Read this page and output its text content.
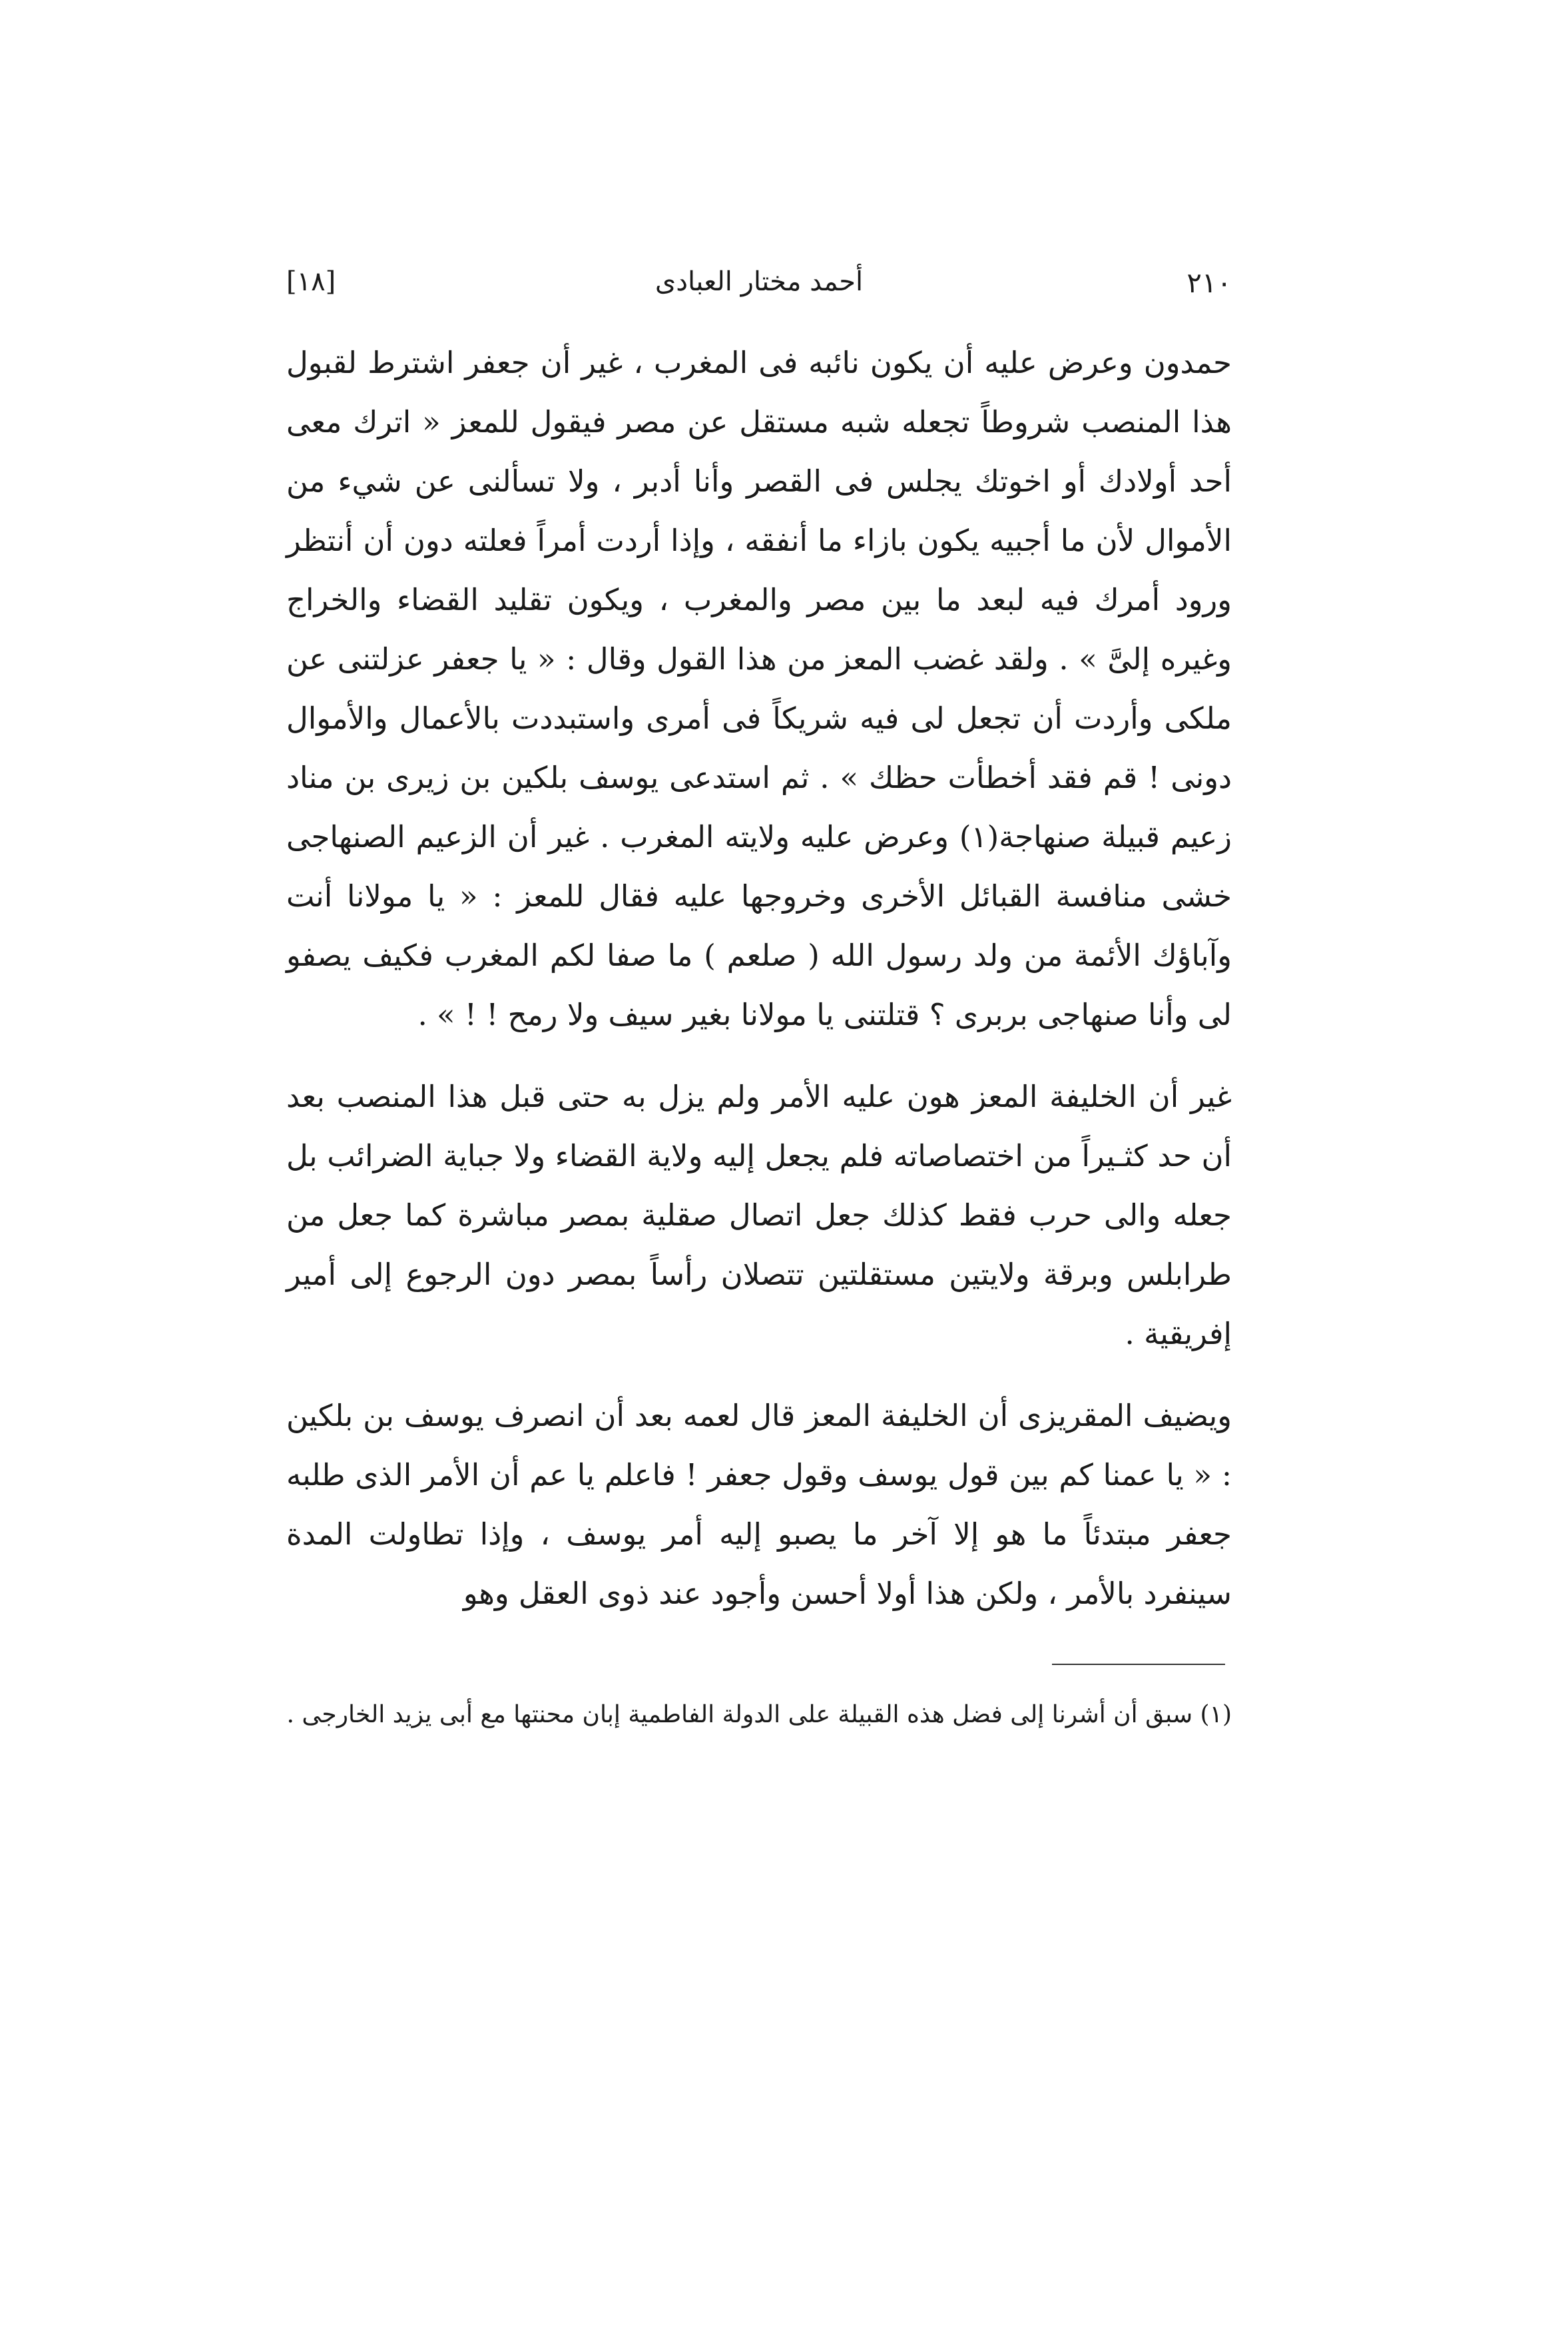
[١٨]	أحمد مختار العبادى	٢١٠

حمدون وعرض عليه أن يكون نائبه فى المغرب ، غير أن جعفر اشترط لقبول هذا المنصب شروطاً تجعله شبه مستقل عن مصر فيقول للمعز « اترك معى أحد أولادك أو اخوتك يجلس فى القصر وأنا أدبر ، ولا تسألنى عن شيء من الأموال لأن ما أجبيه يكون بازاء ما أنفقه ، وإذا أردت أمراً فعلته دون أن أنتظر ورود أمرك فيه لبعد ما بين مصر والمغرب ، ويكون تقليد القضاء والخراج وغيره إلىَّ » . ولقد غضب المعز من هذا القول وقال : « يا جعفر عزلتنى عن ملكى وأردت أن تجعل لى فيه شريكاً فى أمرى واستبددت بالأعمال والأموال دونى ! قم فقد أخطأت حظك » . ثم استدعى يوسف بلكين بن زيرى بن مناد زعيم قبيلة صنهاجة(١) وعرض عليه ولايته المغرب . غير أن الزعيم الصنهاجى خشى منافسة القبائل الأخرى وخروجها عليه فقال للمعز : « يا مولانا أنت وآباؤك الأئمة من ولد رسول الله ( صلعم ) ما صفا لكم المغرب فكيف يصفو لى وأنا صنهاجى بربرى ؟ قتلتنى يا مولانا بغير سيف ولا رمح ! ! » .

غير أن الخليفة المعز هون عليه الأمر ولم يزل به حتى قبل هذا المنصب بعد أن حد كثـيراً من اختصاصاته فلم يجعل إليه ولاية القضاء ولا جباية الضرائب بل جعله والى حرب فقط كذلك جعل اتصال صقلية بمصر مباشرة كما جعل من طرابلس وبرقة ولايتين مستقلتين تتصلان رأساً بمصر دون الرجوع إلى أمير إفريقية .

ويضيف المقريزى أن الخليفة المعز قال لعمه بعد أن انصرف يوسف بن بلكين : « يا عمنا كم بين قول يوسف وقول جعفر ! فاعلم يا عم أن الأمر الذى طلبه جعفر مبتدئاً ما هو إلا آخر ما يصبو إليه أمر يوسف ، وإذا تطاولت المدة سينفرد بالأمر ، ولكن هذا أولا أحسن وأجود عند ذوى العقل وهو

(١) سبق أن أشرنا إلى فضل هذه القبيلة على الدولة الفاطمية إبان محنتها مع أبى يزيد الخارجى .
